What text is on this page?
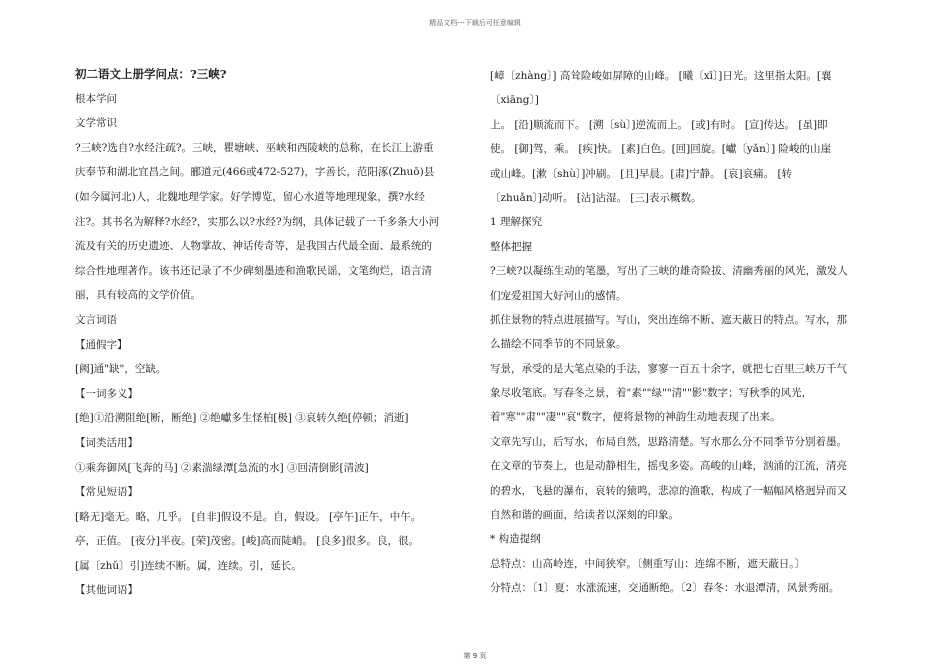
精品文档---下载后可任意编辑
初二语文上册学问点：?三峡?
根本学问
文学常识
?三峡?选自?水经注疏?。三峡，瞿塘峡、巫峡和西陵峡的总称，在长江上游重
庆奉节和湖北宜昌之间。郦道元(466或472-527)，字善长，范阳涿(Zhuō)县
(如今属河北)人，北魏地理学家。好学博览，留心水道等地理现象，撰?水经
注?。其书名为解释?水经?，实那么以?水经?为纲，具体记载了一千多条大小河
流及有关的历史遗迹、人物掌故、神话传奇等，是我国古代最全面、最系统的
综合性地理著作。该书还记录了不少碑刻墨迹和渔歌民谣，文笔绚烂，语言清
丽，具有较高的文学价值。
文言词语
【通假字】
[阙]通"缺"，空缺。
【一词多义】
[绝]①沿溯阻绝[断，断绝] ②绝巘多生怪柏[极] ③哀转久绝[停顿；消逝]
【词类活用】
①乘奔御风[飞奔的马] ②素湍绿潭[急流的水] ③回清倒影[清波]
【常见短语】
[略无]毫无。略，几乎。 [自非]假设不是。自，假设。 [亭午]正午，中午。
亭，正值。 [夜分]半夜。[荣]茂密。[峻]高而陡峭。 [良多]很多。良，很。
[属〔zhǔ〕引]连续不断。属，连续。引，延长。
【其他词语】
[嶂〔zhàng〕] 高耸险峻如屏障的山峰。 [曦〔xī〕]日光。这里指太阳。[襄
〔xiāng〕]
上。 [沿]顺流而下。 [溯〔sù〕]逆流而上。 [或]有时。 [宣]传达。 [虽]即
使。 [御]驾，乘。 [疾]快。 [素]白色。[回]回旋。[巘〔yǎn〕] 险峻的山崖
或山峰。[漱〔shù〕]冲刷。 [且]早晨。[肃]宁静。 [哀]哀痛。 [转
〔zhuǎn〕]动听。 [沾]沾湿。 [三]表示概数。
1 理解探究
整体把握
?三峡?以凝练生动的笔墨，写出了三峡的雄奇险拔、清幽秀丽的风光，激发人
们宠爱祖国大好河山的感情。
抓住景物的特点进展描写。写山，突出连绵不断、遮天蔽日的特点。写水，那
么描绘不同季节的不同景象。
写景，承受的是大笔点染的手法，寥寥一百五十余字，就把七百里三峡万千气
象尽收笔底。写春冬之景，着"素""绿""清""影"数字；写秋季的风光，
着"寒""肃""凄""哀"数字，便将景物的神韵生动地表现了出来。
文章先写山，后写水，布局自然，思路清楚。写水那么分不同季节分别着墨。
在文章的节奏上，也是动静相生，摇曳多姿。高峻的山峰，汹涌的江流，清亮
的碧水，飞悬的瀑布，哀转的猿鸣，悲凉的渔歌，构成了一幅幅风格迥异而又
自然和谐的画面，给读者以深刻的印象。
* 构造提纲
总特点：山高岭连，中间狭窄。〔侧重写山：连绵不断，遮天蔽日。〕
分特点：〔1〕夏：水涨流速，交通断绝。〔2〕春冬：水退潭清，风景秀丽。
第 9 页
